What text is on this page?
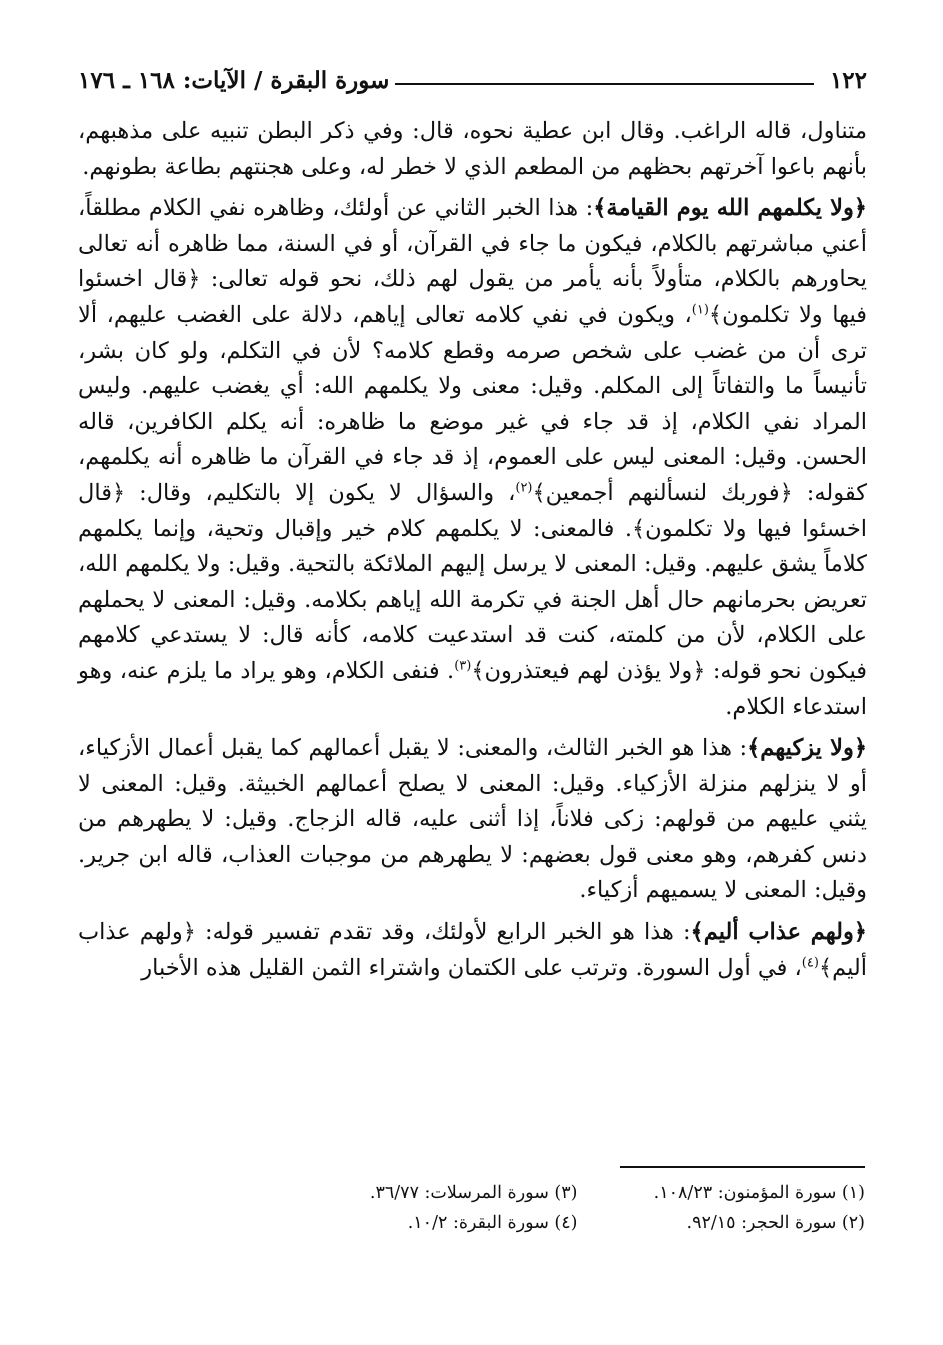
١٢٢
سورة البقرة / الآيات: ١٦٨ ـ ١٧٦

متناول، قاله الراغب. وقال ابن عطية نحوه، قال: وفي ذكر البطن تنبيه على مذهبهم، بأنهم باعوا آخرتهم بحظهم من المطعم الذي لا خطر له، وعلى هجنتهم بطاعة بطونهم.

﴿ولا يكلمهم الله يوم القيامة﴾: هذا الخبر الثاني عن أولئك، وظاهره نفي الكلام مطلقاً، أعني مباشرتهم بالكلام، فيكون ما جاء في القرآن، أو في السنة، مما ظاهره أنه تعالى يحاورهم بالكلام، متأولاً بأنه يأمر من يقول لهم ذلك، نحو قوله تعالى: ﴿قال اخسئوا فيها ولا تكلمون﴾$^{(١)}$، ويكون في نفي كلامه تعالى إياهم، دلالة على الغضب عليهم، ألا ترى أن من غضب على شخص صرمه وقطع كلامه؟ لأن في التكلم، ولو كان بشر، تأنيساً ما والتفاتاً إلى المكلم. وقيل: معنى ولا يكلمهم الله: أي يغضب عليهم. وليس المراد نفي الكلام، إذ قد جاء في غير موضع ما ظاهره: أنه يكلم الكافرين، قاله الحسن. وقيل: المعنى ليس على العموم، إذ قد جاء في القرآن ما ظاهره أنه يكلمهم، كقوله: ﴿فوربك لنسألنهم أجمعين﴾$^{(٢)}$، والسؤال لا يكون إلا بالتكليم، وقال: ﴿قال اخسئوا فيها ولا تكلمون﴾. فالمعنى: لا يكلمهم كلام خير وإقبال وتحية، وإنما يكلمهم كلاماً يشق عليهم. وقيل: المعنى لا يرسل إليهم الملائكة بالتحية. وقيل: ولا يكلمهم الله، تعريض بحرمانهم حال أهل الجنة في تكرمة الله إياهم بكلامه. وقيل: المعنى لا يحملهم على الكلام، لأن من كلمته، كنت قد استدعيت كلامه، كأنه قال: لا يستدعي كلامهم فيكون نحو قوله: ﴿ولا يؤذن لهم فيعتذرون﴾$^{(٣)}$. فنفى الكلام، وهو يراد ما يلزم عنه، وهو استدعاء الكلام.

﴿ولا يزكيهم﴾: هذا هو الخبر الثالث، والمعنى: لا يقبل أعمالهم كما يقبل أعمال الأزكياء، أو لا ينزلهم منزلة الأزكياء. وقيل: المعنى لا يصلح أعمالهم الخبيثة. وقيل: المعنى لا يثني عليهم من قولهم: زكى فلاناً، إذا أثنى عليه، قاله الزجاج. وقيل: لا يطهرهم من دنس كفرهم، وهو معنى قول بعضهم: لا يطهرهم من موجبات العذاب، قاله ابن جرير. وقيل: المعنى لا يسميهم أزكياء.

﴿ولهم عذاب أليم﴾: هذا هو الخبر الرابع لأولئك، وقد تقدم تفسير قوله: ﴿ولهم عذاب أليم﴾$^{(٤)}$، في أول السورة. وترتب على الكتمان واشتراء الثمن القليل هذه الأخبار

(١) سورة المؤمنون: ١٠٨/٢٣.
(٣) سورة المرسلات: ٣٦/٧٧.
(٢) سورة الحجر: ٩٢/١٥.
(٤) سورة البقرة: ١٠/٢.
